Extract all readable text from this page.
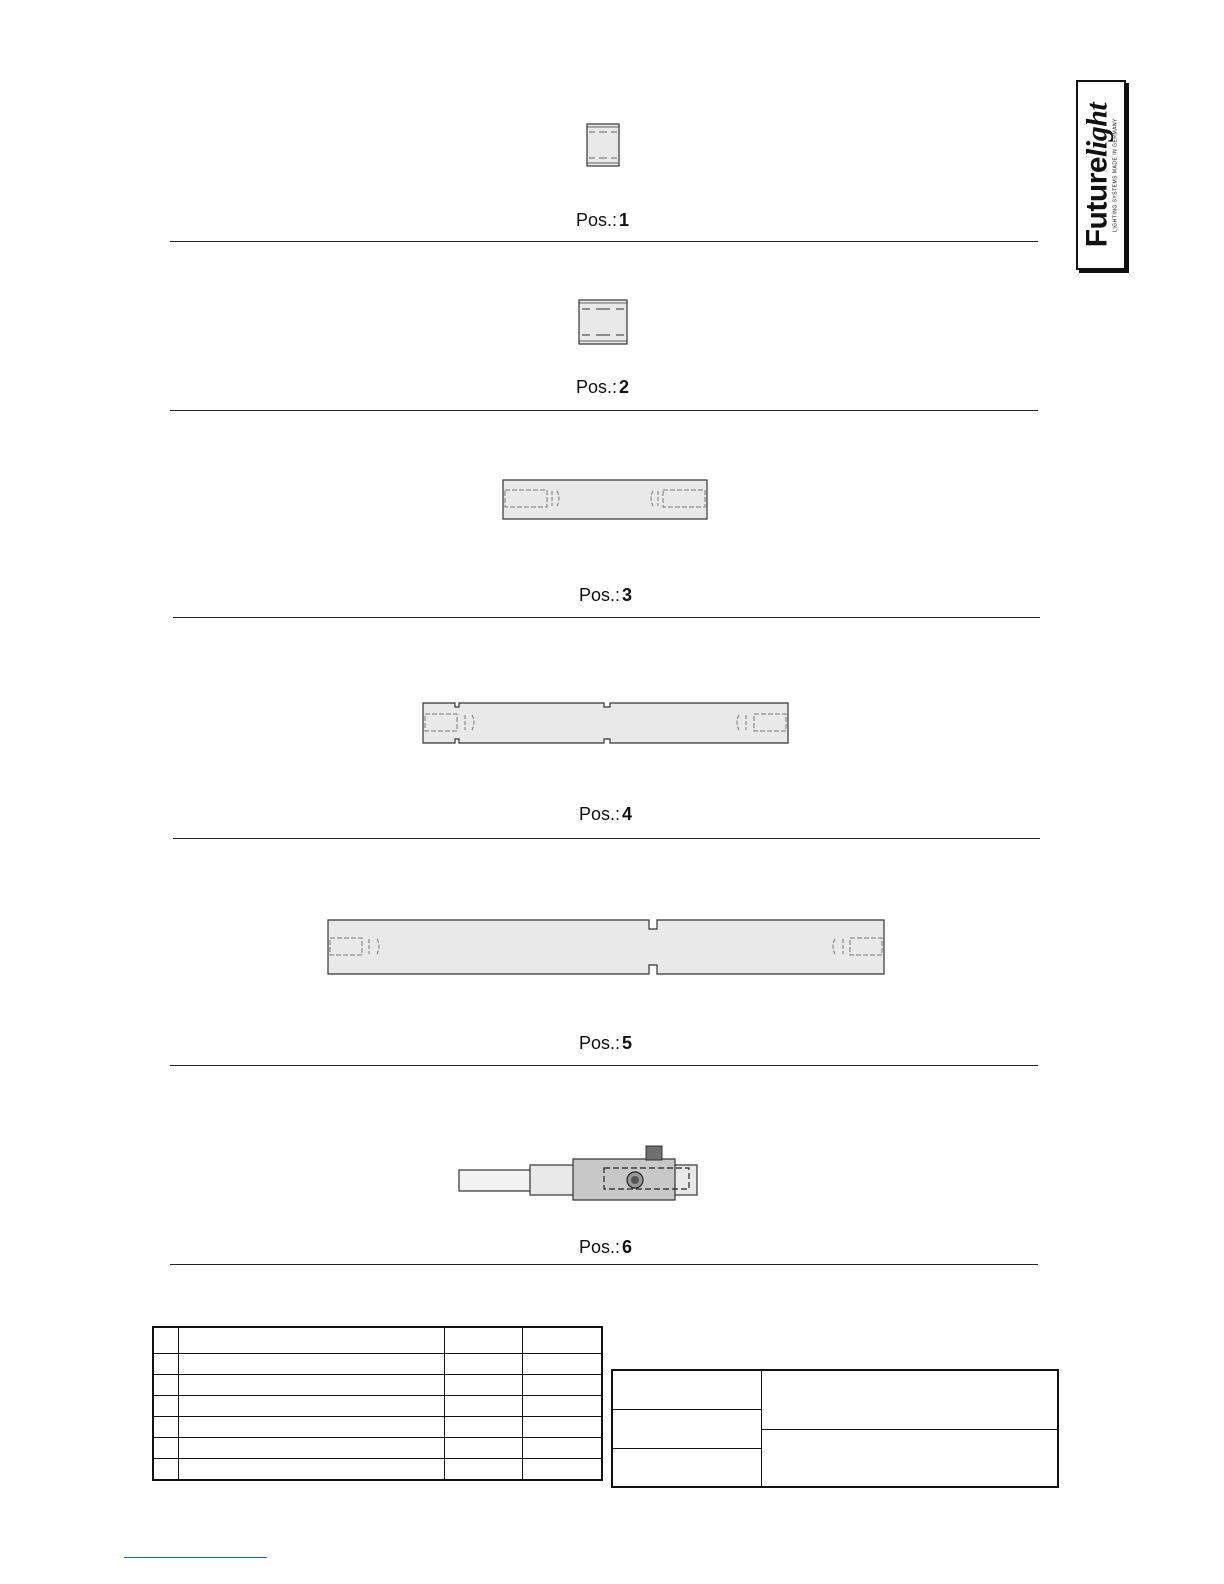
Futurelight LIGHTING SYSTEMS MADE IN GERMANY
Pos.: 1
Pos.: 2
Pos.: 3
Pos.: 4
Pos.: 5
Pos.: 6
